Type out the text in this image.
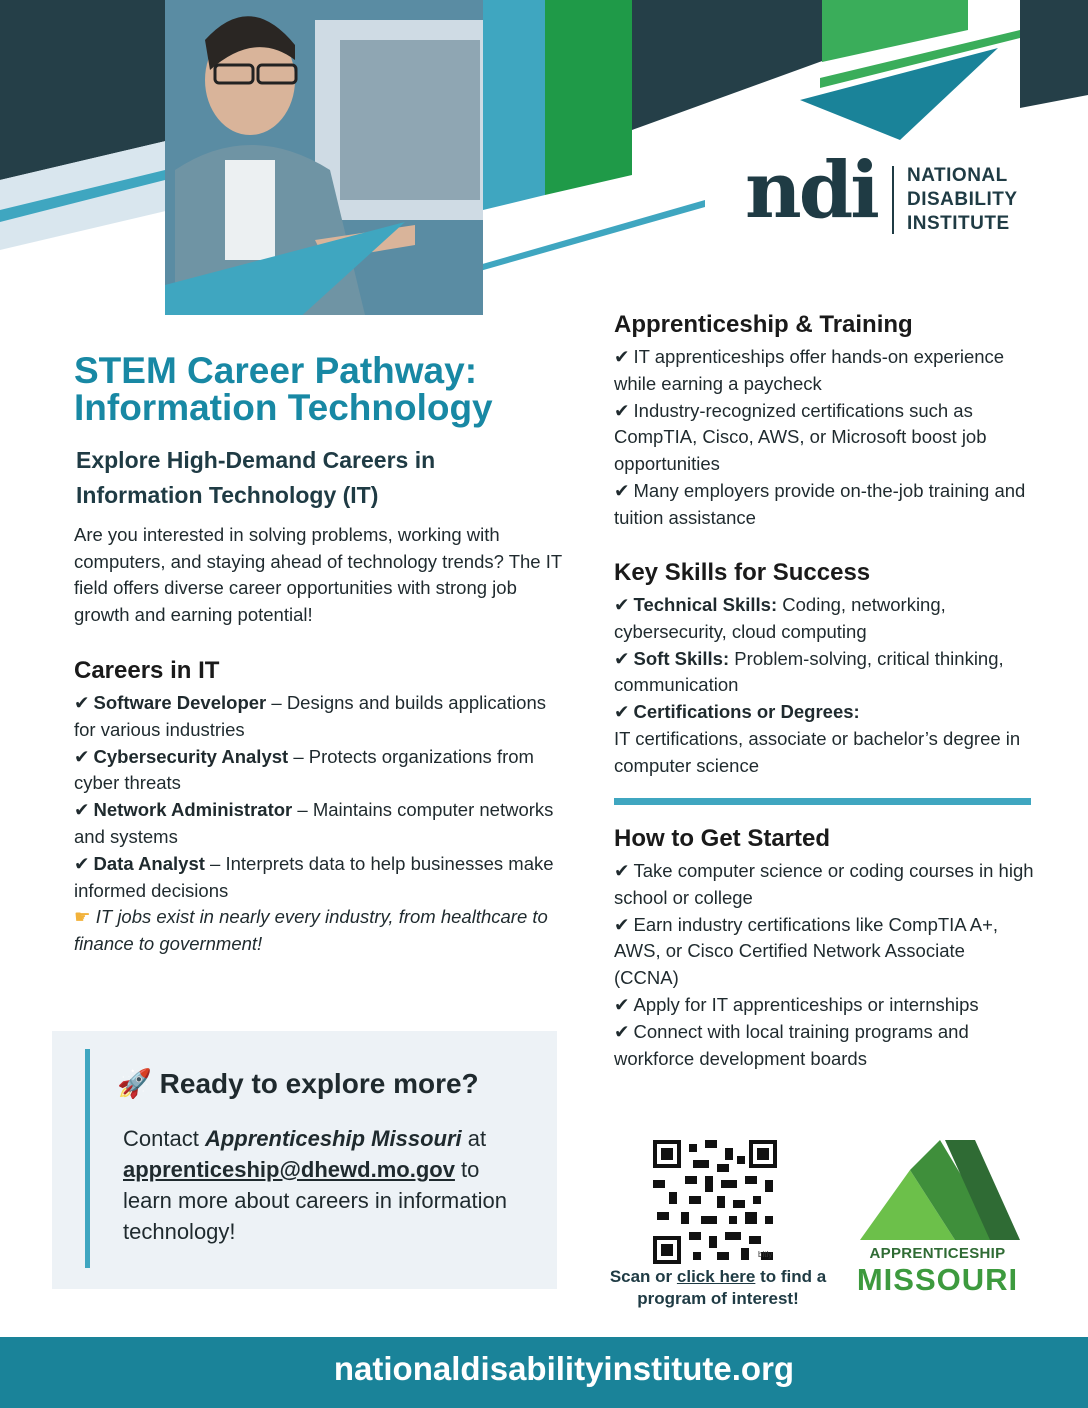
ndi NATIONAL
DISABILITY
INSTITUTE
STEM Career Pathway:
Information Technology
Explore High-Demand Careers in
Information Technology (IT)
Are you interested in solving problems, working with computers, and staying ahead of technology trends? The IT field offers diverse career opportunities with strong job growth and earning potential!
Careers in IT

✔ Software Developer – Designs and builds applications for various industries

✔ Cybersecurity Analyst – Protects organizations from cyber threats

✔ Network Administrator – Maintains computer networks and systems

✔ Data Analyst – Interprets data to help businesses make informed decisions

☛ IT jobs exist in nearly every industry, from healthcare to finance to government!

🚀 Ready to explore more?
Contact Apprenticeship Missouri at
apprenticeship@dhewd.mo.gov to learn more about careers in information technology!
Apprenticeship & Training

✔ IT apprenticeships offer hands-on experience while earning a paycheck

✔ Industry-recognized certifications such as CompTIA, Cisco, AWS, or Microsoft boost job opportunities

✔ Many employers provide on-the-job training and tuition assistance

Key Skills for Success

✔ Technical Skills: Coding, networking, cybersecurity, cloud computing

✔ Soft Skills: Problem-solving, critical thinking, communication

✔ Certifications or Degrees:
IT certifications, associate or bachelor’s degree in computer science

How to Get Started

✔ Take computer science or coding courses in high school or college

✔ Earn industry certifications like CompTIA A+, AWS, or Cisco Certified Network Associate (CCNA)

✔ Apply for IT apprenticeships or internships

✔ Connect with local training programs and workforce development boards

bitly
Scan or click here to find a program of interest!
APPRENTICESHIP
MISSOURI
nationaldisabilityinstitute.org
